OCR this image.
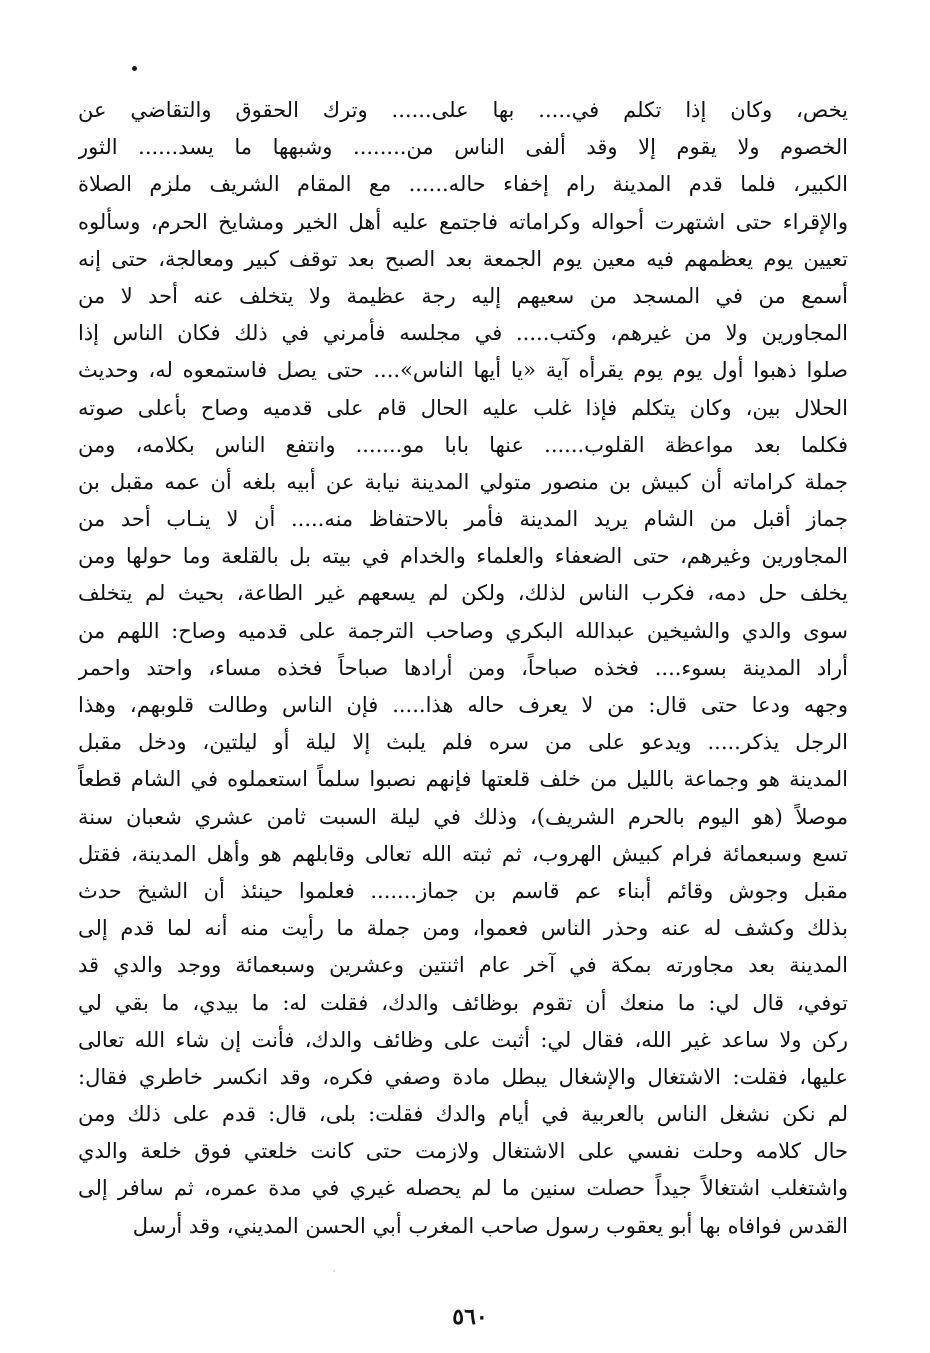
يخص، وكان إذا تكلم في..... بها على...... وترك الحقوق والتقاضي عن
الخصوم ولا يقوم إلا وقد ألفى الناس من........ وشبهها ما يسد...... الثور
الكبير، فلما قدم المدينة رام إخفاء حاله...... مع المقام الشريف ملزم الصلاة
والإقراء حتى اشتهرت أحواله وكراماته فاجتمع عليه أهل الخير ومشايخ الحرم، وسألوه
تعيين يوم يعظمهم فيه معين يوم الجمعة بعد الصبح بعد توقف كبير ومعالجة، حتى إنه
أسمع من في المسجد من سعيهم إليه رجة عظيمة ولا يتخلف عنه أحد لا من
المجاورين ولا من غيرهم، وكتب..... في مجلسه فأمرني في ذلك فكان الناس إذا
صلوا ذهبوا أول يوم يوم يقرأه آية «يا أيها الناس».... حتى يصل فاستمعوه له، وحديث
الحلال بين، وكان يتكلم فإذا غلب عليه الحال قام على قدميه وصاح بأعلى صوته
فكلما بعد مواعظة القلوب...... عنها بابا مو....... وانتفع الناس بكلامه، ومن
جملة كراماته أن كبيش بن منصور متولي المدينة نيابة عن أبيه بلغه أن عمه مقبل بن
جماز أقبل من الشام يريد المدينة فأمر بالاحتفاظ منه..... أن لا ينـاب أحد من
المجاورين وغيرهم، حتى الضعفاء والعلماء والخدام في بيته بل بالقلعة وما حولها ومن
يخلف حل دمه، فكرب الناس لذلك، ولكن لم يسعهم غير الطاعة، بحيث لم يتخلف
سوى والدي والشيخين عبدالله البكري وصاحب الترجمة على قدميه وصاح: اللهم من
أراد المدينة بسوء.... فخذه صباحاً، ومن أرادها صباحاً فخذه مساء، واحتد واحمر
وجهه ودعا حتى قال: من لا يعرف حاله هذا..... فإن الناس وطالت قلوبهم، وهذا
الرجل يذكر..... ويدعو على من سره فلم يلبث إلا ليلة أو ليلتين، ودخل مقبل
المدينة هو وجماعة بالليل من خلف قلعتها فإنهم نصبوا سلماً استعملوه في الشام قطعاً
موصلاً (هو اليوم بالحرم الشريف)، وذلك في ليلة السبت ثامن عشري شعبان سنة
تسع وسبعمائة فرام كبيش الهروب، ثم ثبته الله تعالى وقابلهم هو وأهل المدينة، فقتل
مقبل وجوش وقائم أبناء عم قاسم بن جماز....... فعلموا حينئذ أن الشيخ حدث
بذلك وكشف له عنه وحذر الناس فعموا، ومن جملة ما رأيت منه أنه لما قدم إلى
المدينة بعد مجاورته بمكة في آخر عام اثنتين وعشرين وسبعمائة ووجد والدي قد
توفي، قال لي: ما منعك أن تقوم بوظائف والدك، فقلت له: ما بيدي، ما بقي لي
ركن ولا ساعد غير الله، فقال لي: أثبت على وظائف والدك، فأنت إن شاء الله تعالى
عليها، فقلت: الاشتغال والإشغال يبطل مادة وصفي فكره، وقد انكسر خاطري فقال:
لم نكن نشغل الناس بالعربية في أيام والدك فقلت: بلى، قال: قدم على ذلك ومن
حال كلامه وحلت نفسي على الاشتغال ولازمت حتى كانت خلعتي فوق خلعة والدي
واشتغلب اشتغالاً جيداً حصلت سنين ما لم يحصله غيري في مدة عمره، ثم سافر إلى
القدس فوافاه بها أبو يعقوب رسول صاحب المغرب أبي الحسن المديني، وقد أرسل
٥٦٠
